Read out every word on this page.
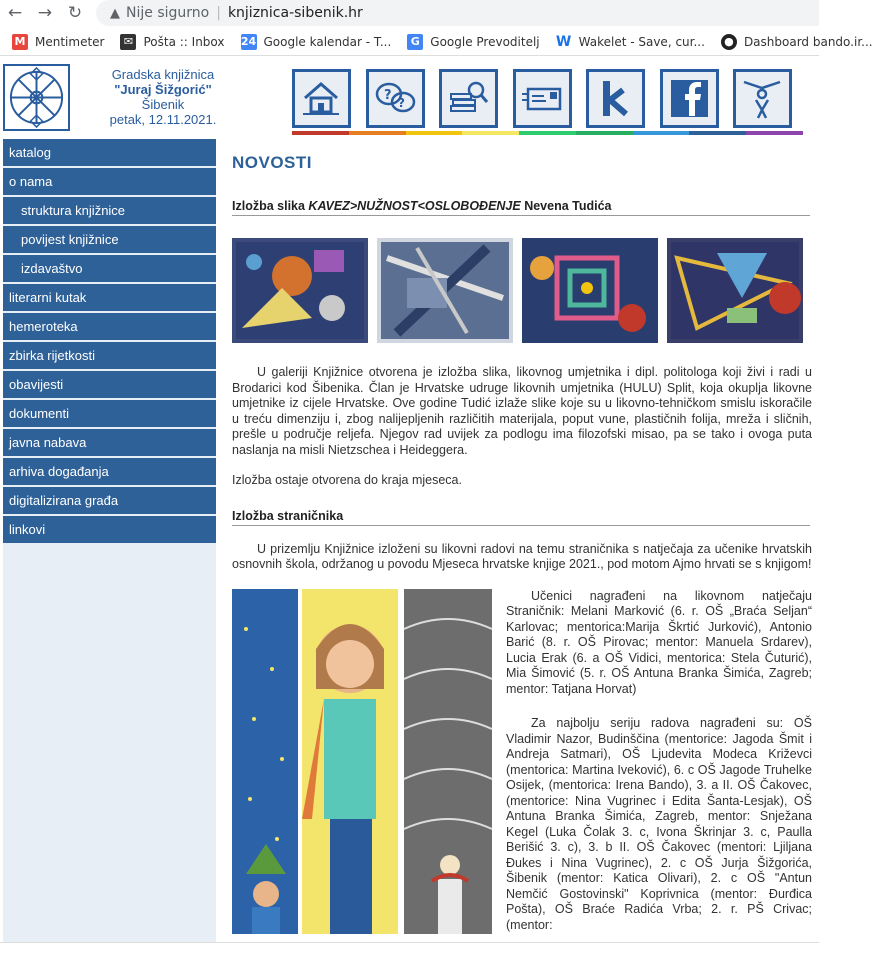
← → ↻	▲ Nije sigurno | knjiznica-sibenik.hr
M Mentimeter	✉ Pošta :: Inbox 24 Google kalendar - T...	G Google Prevoditelj W Wakelet - Save, cur... ● Dashboard bando.ir...
Gradska knjižnica
"Juraj Šižgorić"
Šibenik
petak, 12.11.2021.
? ?
katalog
o nama
struktura knjižnice
povijest knjižnice
izdavaštvo
literarni kutak
hemeroteka
zbirka rijetkosti
obavijesti
dokumenti
javna nabava
arhiva događanja
digitalizirana građa
linkovi
NOVOSTI
Izložba slika KAVEZ>NUŽNOST<OSLOBOĐENJE Nevena Tudića
U galeriji Knjižnice otvorena je izložba slika, likovnog umjetnika i dipl. politologa koji živi i radi u Brodarici kod Šibenika. Član je Hrvatske udruge likovnih umjetnika (HULU) Split, koja okuplja likovne umjetnike iz cijele Hrvatske. Ove godine Tudić izlaže slike koje su u likovno-tehničkom smislu iskoračile u treću dimenziju i, zbog nalijepljenih različitih materijala, poput vune, plastičnih folija, mreža i sličnih, prešle u područje reljefa. Njegov rad uvijek za podlogu ima filozofski misao, pa se tako i ovoga puta naslanja na misli Nietzschea i Heideggera.
Izložba ostaje otvorena do kraja mjeseca.
Izložba straničnika
U prizemlju Knjižnice izloženi su likovni radovi na temu straničnika s natječaja za učenike hrvatskih osnovnih škola, održanog u povodu Mjeseca hrvatske knjige 2021., pod motom Ajmo hrvati se s knjigom!
Učenici nagrađeni na likovnom natječaju Straničnik: Melani Marković (6. r. OŠ „Braća Seljan“ Karlovac; mentorica:Marija Škrtić Jurković), Antonio Barić (8. r. OŠ Pirovac; mentor: Manuela Srdarev), Lucia Erak (6. a OŠ Vidici, mentorica: Stela Čuturić), Mia Šimović (5. r. OŠ Antuna Branka Šimića, Zagreb; mentor: Tatjana Horvat)
Za najbolju seriju radova nagrađeni su: OŠ Vladimir Nazor, Budinščina (mentorice: Jagoda Šmit i Andreja Satmari), OŠ Ljudevita Modeca Križevci (mentorica: Martina Iveković), 6. c OŠ Jagode Truhelke Osijek, (mentorica: Irena Bando), 3. a II. OŠ Čakovec, (mentorice: Nina Vugrinec i Edita Šanta-Lesjak), OŠ Antuna Branka Šimića, Zagreb, mentor: Snježana Kegel (Luka Čolak 3. c, Ivona Škrinjar 3. c, Paulla Berišić 3. c), 3. b II. OŠ Čakovec (mentori: Ljiljana Đukes i Nina Vugrinec), 2. c OŠ Jurja Šižgorića, Šibenik (mentor: Katica Olivari), 2. c OŠ "Antun Nemčić Gostovinski" Koprivnica (mentor: Đurđica Pošta), OŠ Braće Radića Vrba; 2. r. PŠ Crivac; (mentor:
